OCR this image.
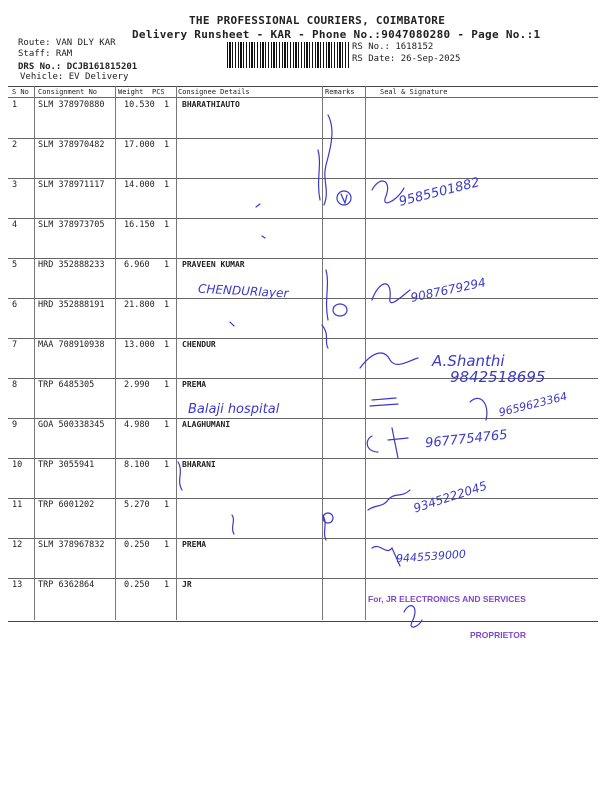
THE PROFESSIONAL COURIERS, COIMBATORE
Delivery Runsheet - KAR - Phone No.:9047080280 - Page No.:1
Route: VAN DLY KAR
Staff: RAM
DRS No.: DCJB161815201
Vehicle: EV Delivery
RS No.: 1618152
RS Date: 26-Sep-2025
S No Consignment No	Weight PCS Consignee Details	Remarks	Seal & Signature
1 SLM 378970880 10.530 1 BHARATHIAUTO
2 SLM 378970482 17.000 1
3 SLM 378971117 14.000 1
4 SLM 378973705 16.150 1
5 HRD 352888233 6.960 1 PRAVEEN KUMAR
6 HRD 352888191 21.800 1
7 MAA 708910938 13.000 1 CHENDUR
8 TRP 6485305	2.990 1 PREMA
9 GOA 500338345 4.980 1 ALAGHUMANI
10 TRP 3055941	8.100 1 BHARANI
11 TRP 6001202	5.270 1
12 SLM 378967832 0.250 1 PREMA
13 TRP 6362864	0.250 1 JR
9585501882
9087679294
CHENDURlayer
A.Shanthi
9842518695
Balaji hospital	9659623364
9677754765
9345222045
9445539000
For, JR ELECTRONICS AND SERVICES
PROPRIETOR
